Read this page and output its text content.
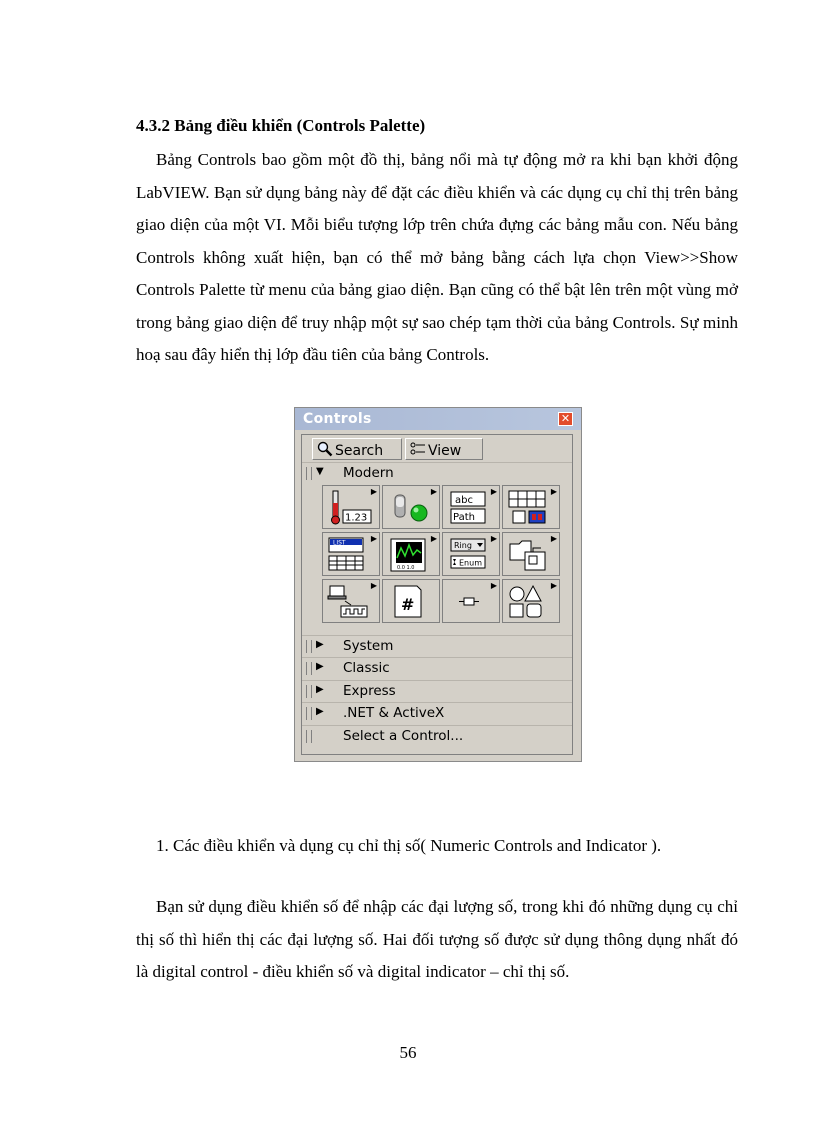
4.3.2 Bảng điều khiển (Controls Palette)
Bảng Controls bao gồm một đồ thị, bảng nổi mà tự động mở ra khi bạn khởi động LabVIEW. Bạn sử dụng bảng này để đặt các điều khiển và các dụng cụ chỉ thị trên bảng giao diện của một VI. Mỗi biểu tượng lớp trên chứa đựng các bảng mẫu con. Nếu bảng Controls không xuất hiện, bạn có thể mở bảng bằng cách lựa chọn View>>Show Controls Palette từ menu của bảng giao diện. Bạn cũng có thể bật lên trên một vùng mở trong bảng giao diện để truy nhập một sự sao chép tạm thời của bảng Controls. Sự minh hoạ sau đây hiển thị lớp đầu tiên của bảng Controls.
Controls	✕
Search	View
▼ Modern
▶
1.23
▶	▶
abc
Path
▶
▶
LIST	▶
0.0 1.0
▶
Ring
Enum
▶
▶
#
▶	▶
▶ System
▶ Classic
▶ Express
▶ .NET & ActiveX
Select a Control...
1. Các điều khiển và dụng cụ chỉ thị số( Numeric Controls and Indicator ).
Bạn sử dụng điều khiển số để nhập các đại lượng số, trong khi đó những dụng cụ chỉ thị số thì hiển thị các đại lượng số. Hai đối tượng số được sử dụng thông dụng nhất đó là digital control - điều khiển số và digital indicator – chỉ thị số.
56
